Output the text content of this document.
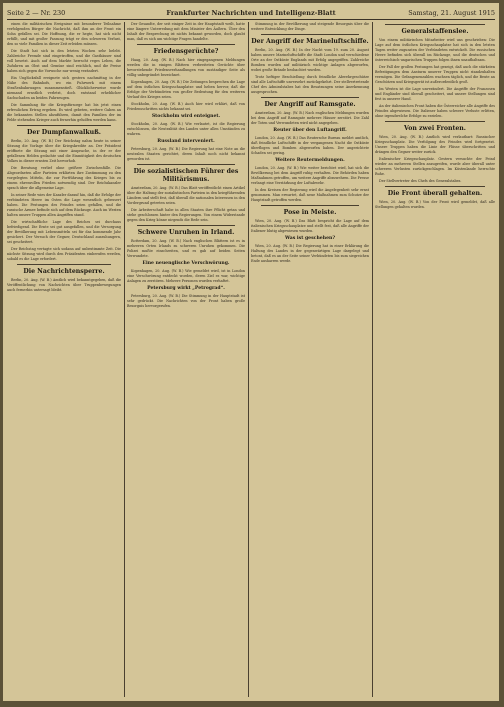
Seite 2 — Nr. 230	Frankfurter Nachrichten und Intelligenz-Blatt	Samstag, 21. August 1915

einen die militärischen Ereignisse mit besonderer Teilnahme verfolgenden Bürger die Nachricht, daß ihm an der Front ein Sohn gefallen sei. Die Hoffnung, die er hegte, hat sich nicht erfüllt, und mit großer Fassung trägt er den schweren Verlust, den so viele Familien in dieser Zeit erleiden müssen.

Die Stadt hat sich in den letzten Wochen sehr belebt. Zahlreiche Fremde sind eingetroffen, und die Gasthäuser sind voll besetzt. Auch auf dem Markte herrscht reges Leben, die Zufuhren an Obst und Gemüse sind reichlich, und die Preise haben sich gegen die Vorwoche nur wenig verändert.

Ein Unglücksfall ereignete sich gestern nachmittag in der Nähe des Bahnhofs, wo ein Fuhrwerk mit einem Straßenbahnwagen zusammenstieß. Glücklicherweise wurde niemand ernstlich verletzt, doch entstand erheblicher Sachschaden an beiden Fahrzeugen.

Die Sammlung für die Kriegsfürsorge hat bis jetzt einen erfreulichen Ertrag ergeben. Es wird gebeten, weitere Gaben an die bekannten Stellen abzuführen, damit den Familien der im Felde stehenden Krieger auch fernerhin geholfen werden kann.

Der Dumpfanwalkuß.

Berlin, 20. Aug. (W. B.) Der Reichstag nahm heute in seiner Sitzung die Vorlage über die Kriegskredite an. Der Präsident eröffnete die Sitzung mit einer Ansprache, in der er der gefallenen Helden gedachte und die Einmütigkeit des deutschen Volkes in dieser ernsten Zeit hervorhob.

Die Beratung verlief ohne größere Zwischenfälle. Die Abgeordneten aller Parteien erklärten ihre Zustimmung zu den vorgelegten Mitteln, die zur Fortführung des Krieges bis zu einem ehrenvollen Frieden notwendig sind. Der Reichskanzler sprach über die allgemeine Lage.

In seiner Rede wies der Kanzler darauf hin, daß die Erfolge der verbündeten Heere im Osten die Lage wesentlich gebessert haben. Die Festungen des Feindes seien gefallen, und die russische Armee befinde sich auf dem Rückzuge. Auch im Westen halten unsere Truppen allen Angriffen stand.

Die wirtschaftliche Lage des Reiches sei durchaus befriedigend. Die Ernte sei gut ausgefallen, und die Versorgung der Bevölkerung mit Lebensmitteln sei für das kommende Jahr gesichert. Der Versuch der Gegner, Deutschland auszuhungern, sei gescheitert.

Der Reichstag vertagte sich sodann auf unbestimmte Zeit. Die nächste Sitzung wird durch den Präsidenten einberufen werden, sobald es die Lage erfordert.

Die Nachrichtensperre.

Berlin, 20. Aug. (W. B.) Amtlich wird bekanntgegeben, daß die Veröffentlichung von Nachrichten über Truppenbewegungen auch fernerhin untersagt bleibt.

Der Gesandte, der seit einiger Zeit in der Hauptstadt weilt, hatte eine längere Unterredung mit dem Minister des Äußern. Über den Inhalt der Besprechung ist nichts bekannt geworden, doch glaubt man, daß es sich um wichtige Fragen handelte.

Friedensgerüchte?

Haag, 20. Aug. (W. B.) Nach hier eingegangenen Meldungen werden die in einigen Blättern verbreiteten Gerüchte über bevorstehende Friedensverhandlungen von zuständiger Seite als völlig unbegründet bezeichnet.

Kopenhagen, 20. Aug. (W. B.) Die Zeitungen besprechen die Lage auf dem östlichen Kriegsschauplatze und heben hervor, daß die Erfolge der Verbündeten von großer Bedeutung für den weiteren Verlauf des Krieges seien.

Stockholm, 20. Aug. (W. B.) Auch hier wird erklärt, daß von Friedensschritten nichts bekannt sei.

Stockholm wird enteignet.

Stockholm, 20. Aug. (W. B.) Wie verlautet, ist die Regierung entschlossen, die Neutralität des Landes unter allen Umständen zu wahren.

Russland interveniert.

Petersburg, 20. Aug. (W. B.) Die Regierung hat eine Note an die neutralen Staaten gerichtet, deren Inhalt noch nicht bekannt geworden ist.

Die sozialistischen Führer des Militärismus.

Amsterdam, 20. Aug. (W. B.) Das Blatt veröffentlicht einen Artikel über die Haltung der sozialistischen Parteien in den kriegführenden Ländern und stellt fest, daß überall die nationalen Interessen in den Vordergrund getreten seien.

Die Arbeiterschaft habe in allen Staaten ihre Pflicht getan und stehe geschlossen hinter den Regierungen. Von einem Widerstande gegen den Krieg könne nirgends die Rede sein.

Schwere Unruhen in Irland.

Rotterdam, 20. Aug. (W. B.) Nach englischen Blättern ist es in mehreren Orten Irlands zu schweren Unruhen gekommen. Die Polizei mußte einschreiten, und es gab auf beiden Seiten Verwundete.

Eine neuenglische Verschwörung.

Kopenhagen, 20. Aug. (W. B.) Wie gemeldet wird, ist in London eine Verschwörung entdeckt worden, deren Ziel es war, wichtige Anlagen zu zerstören. Mehrere Personen wurden verhaftet.

Petersburg wirkt „Petrograd“.

Petersburg, 20. Aug. (W. B.) Die Stimmung in der Hauptstadt ist sehr gedrückt. Die Nachrichten von der Front haben große Besorgnis hervorgerufen.

Stimmung in der Bevölkerung und steigende Besorgnis über die weitere Entwicklung der Dinge.

Der Angriff der Marineluftschiffe.

Berlin, 20. Aug. (W. B.) In der Nacht vom 19. zum 20. August haben unsere Marineluftschiffe die Stadt London und verschiedene Orte an der Ostküste Englands mit Erfolg angegriffen. Zahlreiche Bomben wurden auf militärisch wichtige Anlagen abgeworfen, wobei große Brände beobachtet wurden.

Trotz heftiger Beschießung durch feindliche Abwehrgeschütze sind alle Luftschiffe unversehrt zurückgekehrt. Der stellvertretende Chef des Admiralstabes hat den Besatzungen seine Anerkennung ausgesprochen.

Der Angriff auf Ramsgate.

Amsterdam, 20. Aug. (W. B.) Nach englischen Meldungen wurden bei dem Angriff auf Ramsgate mehrere Häuser zerstört. Die Zahl der Toten und Verwundeten wird nicht angegeben.

Reuter über den Luftangriff.

London, 20. Aug. (W. B.) Das Reutersche Bureau meldet amtlich, daß feindliche Luftschiffe in der vergangenen Nacht die Ostküste überflogen und Bomben abgeworfen haben. Der angerichtete Schaden sei gering.

Weitere Reutermeldungen.

London, 20. Aug. (W. B.) Wie weiter berichtet wird, hat sich die Bevölkerung bei dem Angriff ruhig verhalten. Die Behörden haben Maßnahmen getroffen, um weitere Angriffe abzuwehren. Die Presse verlangt eine Verstärkung der Luftabwehr.

In den Kreisen der Regierung wird die Angelegenheit sehr ernst genommen. Man erwartet, daß neue Maßnahmen zum Schutze der Hauptstadt getroffen werden.

Pose in Meiste.

Wien, 20. Aug. (W. B.) Das Blatt bespricht die Lage auf dem italienischen Kriegsschauplatze und stellt fest, daß alle Angriffe der Italiener blutig abgewiesen wurden.

Was ist geschehen?

Wien, 20. Aug. (W. B.) Die Regierung hat in einer Erklärung die Haltung des Landes in der gegenwärtigen Lage dargelegt und betont, daß es an der Seite seiner Verbündeten bis zum siegreichen Ende ausharren werde.

Generalstaffenslee.

Von einem militärischen Mitarbeiter wird uns geschrieben: Die Lage auf dem östlichen Kriegsschauplatze hat sich in den letzten Tagen weiter zugunsten der Verbündeten entwickelt. Die russischen Heere befinden sich überall im Rückzuge, und die deutschen und österreichisch-ungarischen Truppen folgen ihnen unaufhaltsam.

Der Fall der großen Festungen hat gezeigt, daß auch die stärksten Befestigungen dem Ansturm unserer Truppen nicht standzuhalten vermögen. Die Gefangenenzahlen wachsen täglich, und die Beute an Geschützen und Kriegsgerät ist außerordentlich groß.

Im Westen ist die Lage unverändert. Die Angriffe der Franzosen und Engländer sind überall gescheitert, und unsere Stellungen sind fest in unserer Hand.

An der italienischen Front haben die Österreicher alle Angriffe des Feindes abgewiesen. Die Italiener haben schwere Verluste erlitten, ohne irgendwelche Erfolge zu erzielen.

Von zwei Fronten.

Wien, 20. Aug. (W. B.) Amtlich wird verlautbart: Russischer Kriegsschauplatz. Die Verfolgung des Feindes wird fortgesetzt. Unsere Truppen haben die Linie der Flüsse überschritten und drängen den Gegner weiter zurück.

Italienischer Kriegsschauplatz. Gestern versuchte der Feind wieder an mehreren Stellen anzugreifen, wurde aber überall unter schweren Verlusten zurückgeschlagen. Im Küstenlande herrschte Ruhe.

Der Stellvertreter des Chefs des Generalstabes.

Die Front überall gehalten.

Wien, 20. Aug. (W. B.) Von der Front wird gemeldet, daß alle Stellungen gehalten wurden.
